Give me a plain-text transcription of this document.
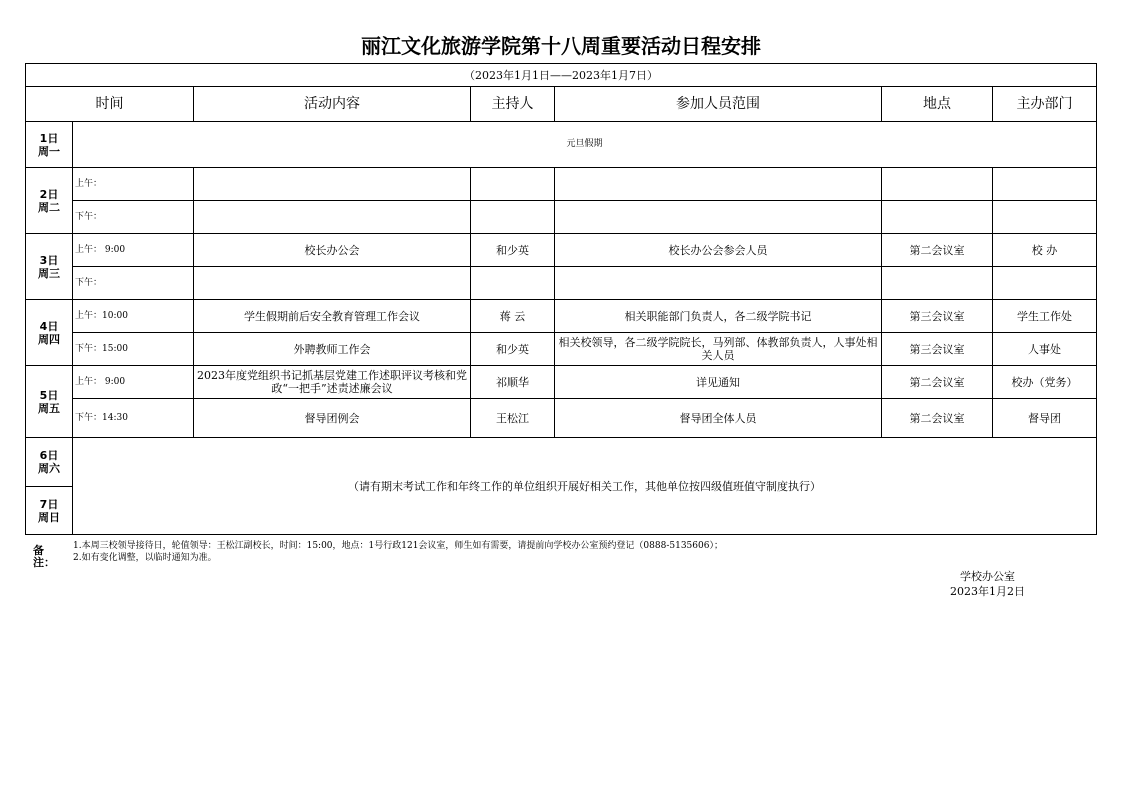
丽江文化旅游学院第十八周重要活动日程安排
（2023年1月1日——2023年1月7日）						
时间		活动内容	主持人	参加人员范围	地点	主办部门

1日
周一	元旦假期					

2日
周二	上午：					
	下午：					

3日
周三	上午： 9:00	校长办公会	和少英	校长办公会参会人员	第二会议室	校 办
	下午：					

4日
周四	上午：10:00	学生假期前后安全教育管理工作会议	蒋 云	相关职能部门负责人，各二级学院书记	第三会议室	学生工作处
	下午：15:00	外聘教师工作会	和少英	相关校领导，各二级学院院长，马列部、体教部负责人，人事处相关人员	第三会议室	人事处

5日
周五	上午： 9:00	2023年度党组织书记抓基层党建工作述职评议考核和党政“一把手”述责述廉会议	祁顺华	详见通知	第二会议室	校办（党务）
	下午：14:30	督导团例会	王松江	督导团全体人员	第二会议室	督导团

6日
周六	（请有期末考试工作和年终工作的单位组织开展好相关工作，其他单位按四级值班值守制度执行）					

7日
周日						
备注：
1.本周三校领导接待日，轮值领导：王松江副校长，时间：15:00，地点：1号行政121会议室，师生如有需要，请提前向学校办公室预约登记（0888-5135606）；
2.如有变化调整，以临时通知为准。
学校办公室
2023年1月2日
